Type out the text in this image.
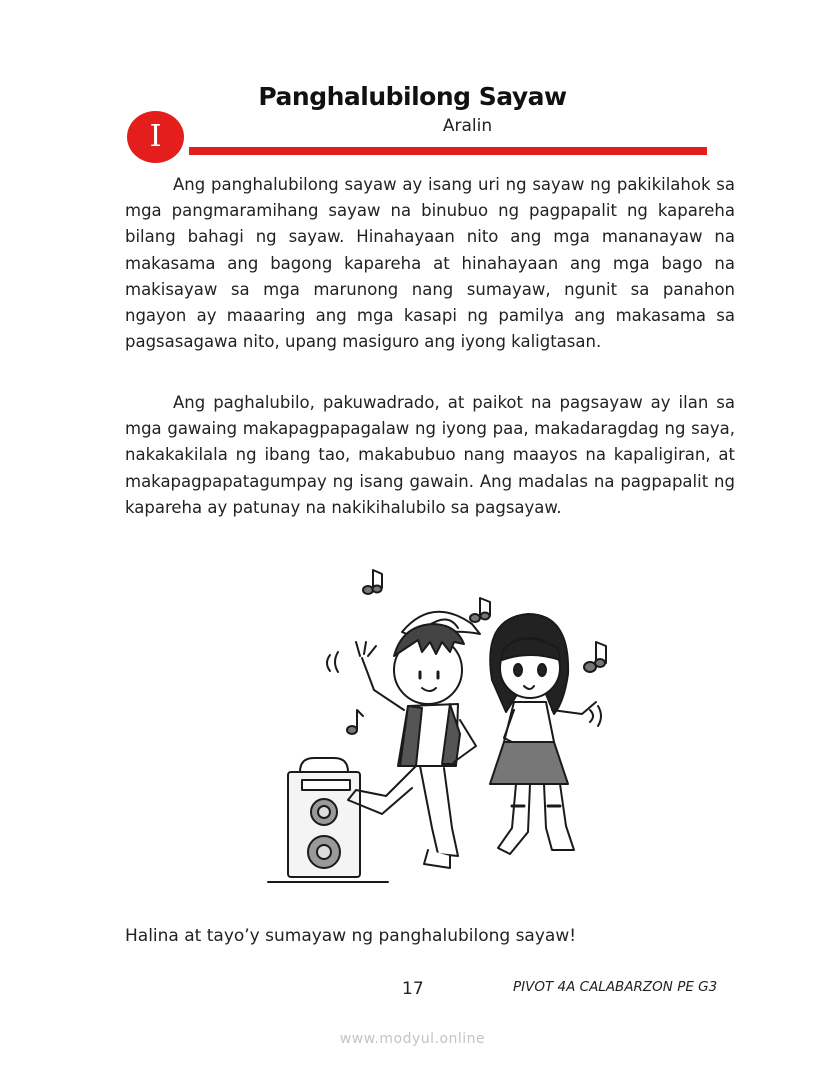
Panghalubilong Sayaw
Aralin
I

Ang panghalubilong sayaw ay isang uri ng sayaw ng pakikilahok sa mga pangmaramihang sayaw na binubuo ng pagpapalit ng kapareha bilang bahagi ng sayaw. Hinahayaan nito ang mga mananayaw na makasama ang bagong kapareha at hinahayaan ang mga bago na makisayaw sa mga marunong nang sumayaw, ngunit sa panahon ngayon ay maaaring ang mga kasapi ng pamilya ang makasama sa pagsasagawa nito, upang masiguro ang iyong kaligtasan.

Ang paghalubilo, pakuwadrado, at paikot na pagsayaw ay ilan sa mga gawaing makapagpapagalaw ng iyong paa, makadaragdag ng saya, nakakakilala ng ibang tao, makabubuo nang maayos na kapaligiran, at makapagpapatagumpay ng isang gawain. Ang madalas na pagpapalit ng kapareha ay patunay na nakikihalubilo sa pagsayaw.

Halina at tayo’y sumayaw ng panghalubilong sayaw!
17	PIVOT 4A CALABARZON PE G3
www.modyul.online
